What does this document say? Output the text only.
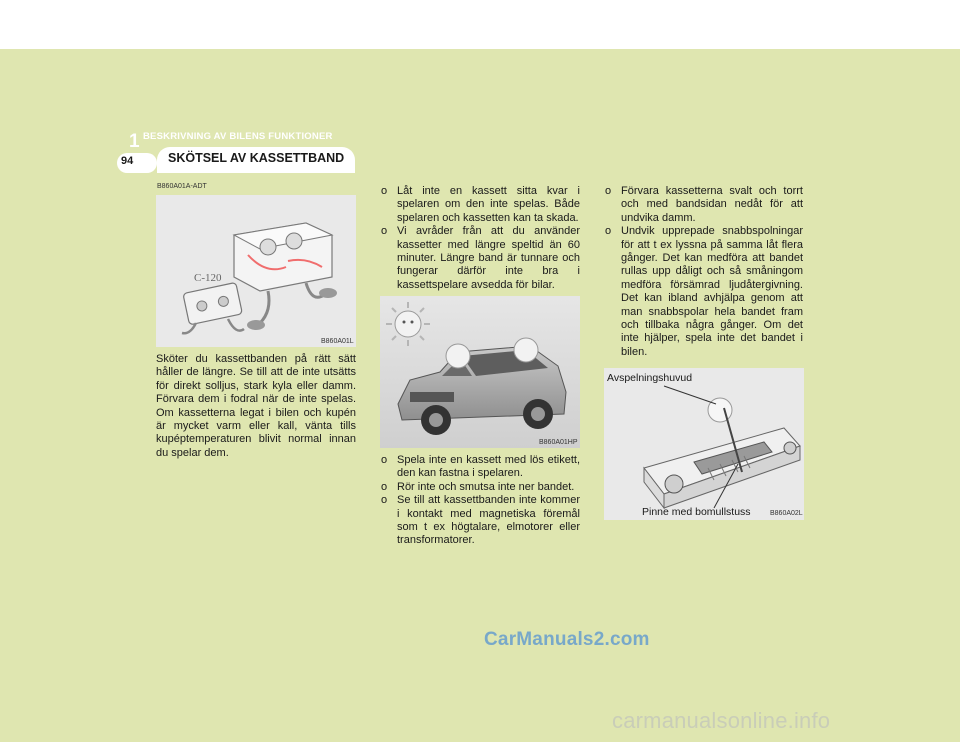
1 BESKRIVNING AV BILENS FUNKTIONER
94	SKÖTSEL AV KASSETTBAND
B860A01A-ADT
C-120
B860A01L

Sköter du kassettbanden på rätt sätt håller de längre. Se till att de inte utsätts för direkt solljus, stark kyla eller damm. Förvara dem i fodral när de inte spelas. Om kassetterna legat i bilen och kupén är mycket varm eller kall, vänta tills kupéptemperaturen blivit normal innan du spelar dem.

o Låt inte en kassett sitta kvar i spelaren om den inte spelas. Både spelaren och kassetten kan ta skada.
o Vi avråder från att du använder kassetter med längre speltid än 60 minuter. Längre band är tunnare och fungerar därför inte bra i kassettspelare avsedda för bilar.
B860A01HP
o Spela inte en kassett med lös etikett, den kan fastna i spelaren.
o Rör inte och smutsa inte ner bandet.
o Se till att kassettbanden inte kommer i kontakt med magnetiska föremål som t ex högtalare, elmotorer eller transformatorer.
o Förvara kassetterna svalt och torrt och med bandsidan nedåt för att undvika damm.
o Undvik upprepade snabbspolningar för att t ex lyssna på samma låt flera gånger. Det kan medföra att bandet rullas upp dåligt och så småningom medföra försämrad ljudåtergivning. Det kan ibland avhjälpa genom att man snabbspolar hela bandet fram och tillbaka några gånger. Om det inte hjälper, spela inte det bandet i bilen.
Avspelningshuvud
Pinne med bomullstuss	B860A02L
CarManuals2.com
carmanualsonline.info
